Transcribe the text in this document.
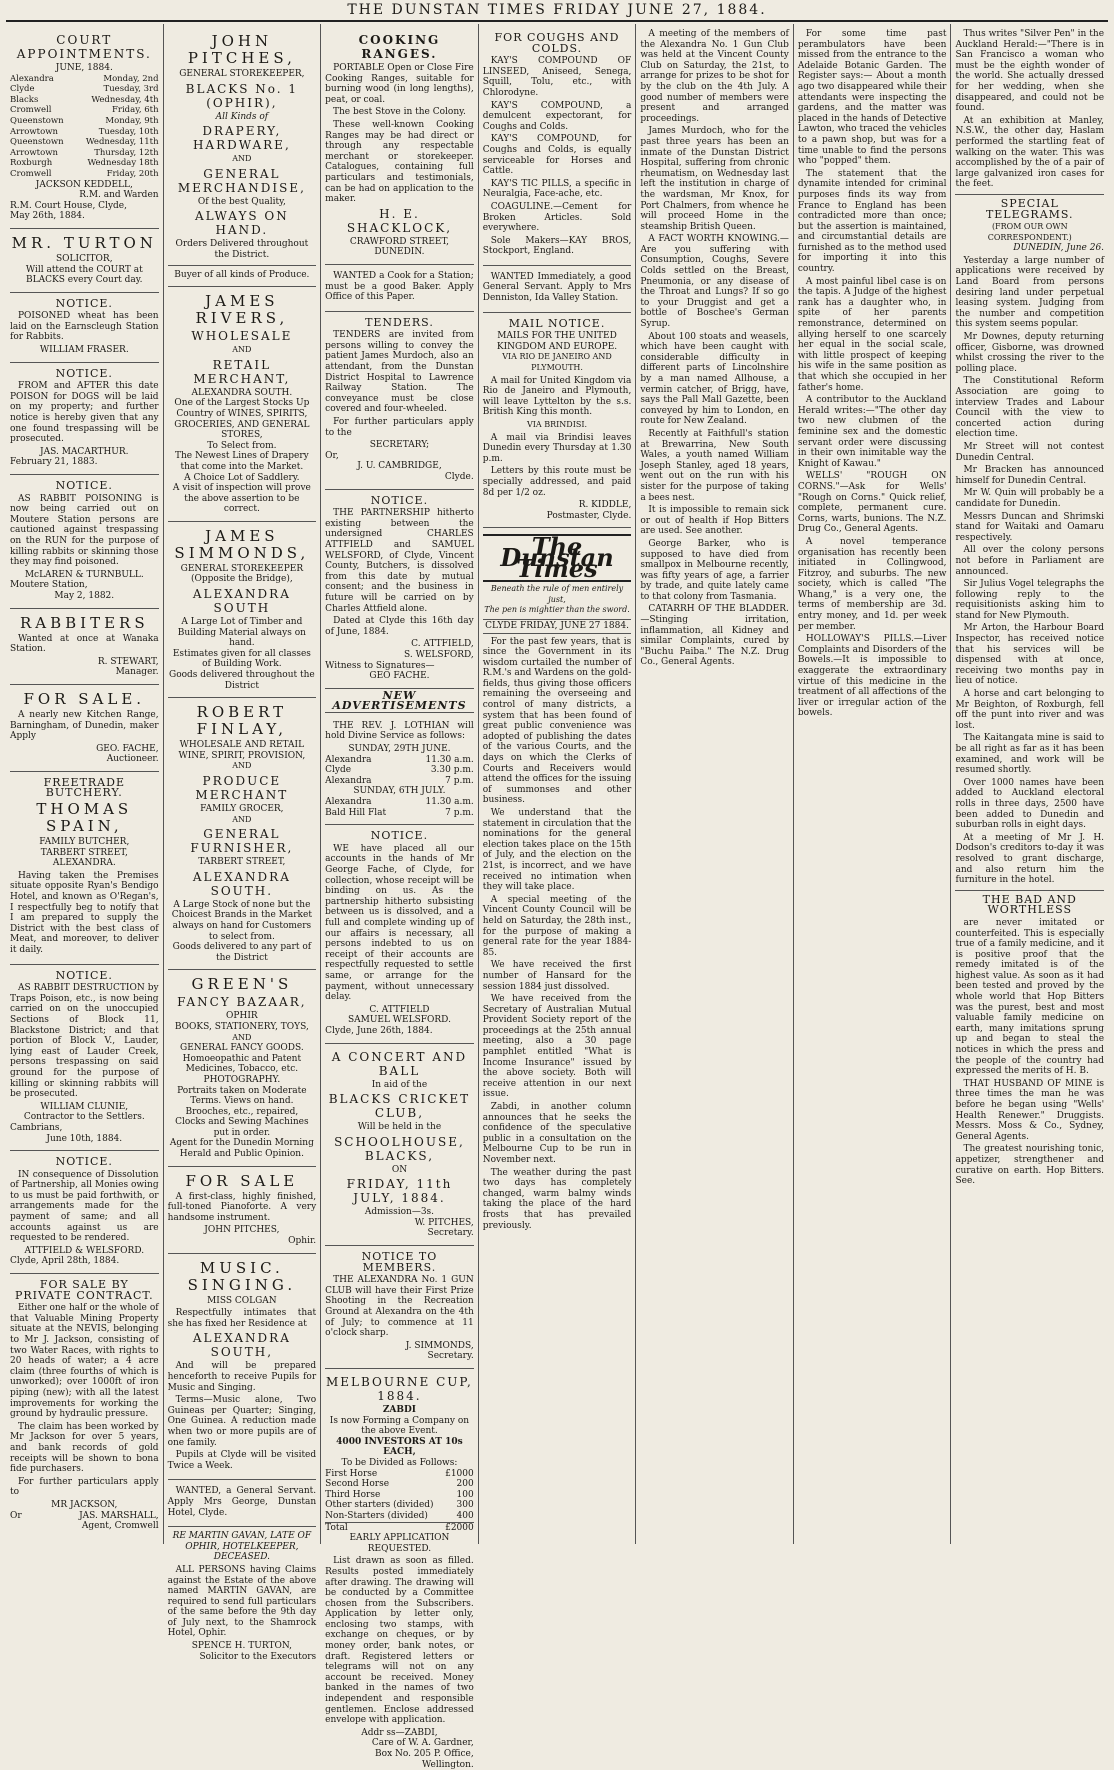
THE DUNSTAN TIMES FRIDAY JUNE 27, 1884.
COURT APPOINTMENTS.
JUNE, 1884.
Alexandra	Monday, 2nd
Clyde	Tuesday, 3rd
Blacks	Wednesday, 4th
Cromwell	Friday, 6th
Queenstown	Monday, 9th
Arrowtown	Tuesday, 10th
Queenstown	Wednesday, 11th
Arrowtown	Thursday, 12th
Roxburgh	Wednesday 18th
Cromwell	Friday, 20th
JACKSON KEDDELL,
R.M. and Warden
R.M. Court House, Clyde,
May 26th, 1884.
MR. TURTON
SOLICITOR,
Will attend the COURT at BLACKS every Court day.
NOTICE.
POISONED wheat has been laid on the Earnscleugh Station for Rabbits.
WILLIAM FRASER.
NOTICE.
FROM and AFTER this date POISON for DOGS will be laid on my property; and further notice is hereby given that any one found trespassing will be prosecuted.
JAS. MACARTHUR.
February 21, 1883.
NOTICE.
AS RABBIT POISONING is now being carried out on Moutere Station persons are cautioned against trespassing on the RUN for the purpose of killing rabbits or skinning those they may find poisoned.
McLAREN & TURNBULL.
Moutere Station,
May 2, 1882.
RABBITERS
Wanted at once at Wanaka Station.
R. STEWART,
Manager.
FOR SALE.
A nearly new Kitchen Range, Barningham, of Dunedin, maker Apply
GEO. FACHE,
Auctioneer.
FREETRADE BUTCHERY.
THOMAS SPAIN,
FAMILY BUTCHER,
TARBERT STREET, ALEXANDRA.
Having taken the Premises situate opposite Ryan's Bendigo Hotel, and known as O'Regan's, I respectfully beg to notify that I am prepared to supply the District with the best class of Meat, and moreover, to deliver it daily.
NOTICE.
AS RABBIT DESTRUCTION by Traps Poison, etc., is now being carried on on the unoccupied Sections of Block 11, Blackstone District; and that portion of Block V., Lauder, lying east of Lauder Creek, persons trespassing on said ground for the purpose of killing or skinning rabbits will be prosecuted.
WILLIAM CLUNIE,
Contractor to the Settlers.
Cambrians,
June 10th, 1884.
NOTICE.
IN consequence of Dissolution of Partnership, all Monies owing to us must be paid forthwith, or arrangements made for the payment of same; and all accounts against us are requested to be rendered.
ATTFIELD & WELSFORD.
Clyde, April 28th, 1884.
FOR SALE BY PRIVATE CONTRACT.
Either one half or the whole of that Valuable Mining Property situate at the NEVIS, belonging to Mr J. Jackson, consisting of two Water Races, with rights to 20 heads of water; a 4 acre claim (three fourths of which is unworked); over 1000ft of iron piping (new); with all the latest improvements for working the ground by hydraulic pressure.
The claim has been worked by Mr Jackson for over 5 years, and bank records of gold receipts will be shown to bona fide purchasers.
For further particulars apply to
MR JACKSON,
Or	JAS. MARSHALL,
Agent, Cromwell
JOHN PITCHES,
GENERAL STOREKEEPER,
BLACKS No. 1 (OPHIR),
All Kinds of
DRAPERY, HARDWARE,
AND
GENERAL MERCHANDISE,
Of the best Quality,
ALWAYS ON HAND.
Orders Delivered throughout the District.
Buyer of all kinds of Produce.
JAMES RIVERS,
WHOLESALE
AND
RETAIL MERCHANT,
ALEXANDRA SOUTH.
One of the Largest Stocks Up Country of WINES, SPIRITS, GROCERIES, AND GENERAL STORES,
To Select from.
The Newest Lines of Drapery that come into the Market.
A Choice Lot of Saddlery.
A visit of inspection will prove the above assertion to be correct.
JAMES SIMMONDS,
GENERAL STOREKEEPER
(Opposite the Bridge),
ALEXANDRA SOUTH
A Large Lot of Timber and Building Material always on hand.
Estimates given for all classes of Building Work.
Goods delivered throughout the District
ROBERT FINLAY,
WHOLESALE AND RETAIL WINE, SPIRIT, PROVISION,
AND
PRODUCE MERCHANT
FAMILY GROCER,
AND
GENERAL FURNISHER,
TARBERT STREET,
ALEXANDRA SOUTH.
A Large Stock of none but the Choicest Brands in the Market always on hand for Customers to select from.
Goods delivered to any part of the District
GREEN'S
FANCY BAZAAR,
OPHIR
BOOKS, STATIONERY, TOYS,
AND
GENERAL FANCY GOODS.
Homoeopathic and Patent Medicines, Tobacco, etc.
PHOTOGRAPHY.
Portraits taken on Moderate Terms. Views on hand.
Brooches, etc., repaired,
Clocks and Sewing Machines put in order.
Agent for the Dunedin Morning Herald and Public Opinion.
FOR SALE
A first-class, highly finished, full-toned Pianoforte. A very handsome instrument.
JOHN PITCHES,
Ophir.
MUSIC. SINGING.
MISS COLGAN
Respectfully intimates that she has fixed her Residence at
ALEXANDRA SOUTH,
And will be prepared henceforth to receive Pupils for Music and Singing.
Terms—Music alone, Two Guineas per Quarter; Singing, One Guinea. A reduction made when two or more pupils are of one family.
Pupils at Clyde will be visited Twice a Week.
WANTED, a General Servant. Apply Mrs George, Dunstan Hotel, Clyde.
RE MARTIN GAVAN, LATE OF OPHIR, HOTELKEEPER, DECEASED.
ALL PERSONS having Claims against the Estate of the above named MARTIN GAVAN, are required to send full particulars of the same before the 9th day of July next, to the Shamrock Hotel, Ophir.
SPENCE H. TURTON,
Solicitor to the Executors
COOKING RANGES.
PORTABLE Open or Close Fire Cooking Ranges, suitable for burning wood (in long lengths), peat, or coal.
The best Stove in the Colony.
These well-known Cooking Ranges may be had direct or through any respectable merchant or storekeeper. Catalogues, containing full particulars and testimonials, can be had on application to the maker.
H. E. SHACKLOCK,
CRAWFORD STREET,
DUNEDIN.
WANTED a Cook for a Station; must be a good Baker. Apply Office of this Paper.
TENDERS.
TENDERS are invited from persons willing to convey the patient James Murdoch, also an attendant, from the Dunstan District Hospital to Lawrence Railway Station. The conveyance must be close covered and four-wheeled.
For further particulars apply to the
SECRETARY;
Or,
J. U. CAMBRIDGE,
Clyde.
NOTICE.
THE PARTNERSHIP hitherto existing between the undersigned CHARLES ATTFIELD and SAMUEL WELSFORD, of Clyde, Vincent County, Butchers, is dissolved from this date by mutual consent; and the business in future will be carried on by Charles Attfield alone.
Dated at Clyde this 16th day of June, 1884.
C. ATTFIELD,
S. WELSFORD,
Witness to Signatures—
GEO FACHE.
NEW ADVERTISEMENTS
THE REV. J. LOTHIAN will hold Divine Service as follows:
SUNDAY, 29TH JUNE.
Alexandra	11.30 a.m.
Clyde	3.30 p.m.
Alexandra	7 p.m.
SUNDAY, 6TH JULY.
Alexandra	11.30 a.m.
Bald Hill Flat	7 p.m.
NOTICE.
WE have placed all our accounts in the hands of Mr George Fache, of Clyde, for collection, whose receipt will be binding on us. As the partnership hitherto subsisting between us is dissolved, and a full and complete winding up of our affairs is necessary, all persons indebted to us on receipt of their accounts are respectfully requested to settle same, or arrange for the payment, without unnecessary delay.
C. ATTFIELD
SAMUEL WELSFORD.
Clyde, June 26th, 1884.
A CONCERT AND BALL
In aid of the
BLACKS CRICKET CLUB,
Will be held in the
SCHOOLHOUSE, BLACKS,
ON
FRIDAY, 11th JULY, 1884.
Admission—3s.
W. PITCHES,
Secretary.
NOTICE TO MEMBERS.
THE ALEXANDRA No. 1 GUN CLUB will have their First Prize Shooting in the Recreation Ground at Alexandra on the 4th of July; to commence at 11 o'clock sharp.
J. SIMMONDS,
Secretary.
MELBOURNE CUP, 1884.
ZABDI
Is now Forming a Company on the above Event.
4000 INVESTORS AT 10s EACH,
To be Divided as Follows:
First Horse	£1000
Second Horse	200
Third Horse	100
Other starters (divided)	300
Non-Starters (divided)	400
Total	£2000
EARLY APPLICATION REQUESTED.
List drawn as soon as filled. Results posted immediately after drawing. The drawing will be conducted by a Committee chosen from the Subscribers. Application by letter only, enclosing two stamps, with exchange on cheques, or by money order, bank notes, or draft. Registered letters or telegrams will not on any account be received. Money banked in the names of two independent and responsible gentlemen. Enclose addressed envelope with application.
Addr ss—ZABDI,
Care of W. A. Gardner,
Box No. 205 P. Office,
Wellington.
FOR COUGHS AND COLDS.
KAY'S COMPOUND OF LINSEED, Aniseed, Senega, Squill, Tolu, etc., with Chlorodyne.
KAY'S COMPOUND, a demulcent expectorant, for Coughs and Colds.
KAY'S COMPOUND, for Coughs and Colds, is equally serviceable for Horses and Cattle.
KAY'S TIC PILLS, a specific in Neuralgia, Face-ache, etc.
COAGULINE.—Cement for Broken Articles. Sold everywhere.
Sole Makers—KAY BROS, Stockport, England.
WANTED Immediately, a good General Servant. Apply to Mrs Denniston, Ida Valley Station.
MAIL NOTICE.
MAILS FOR THE UNITED KINGDOM AND EUROPE.
VIA RIO DE JANEIRO AND PLYMOUTH.
A mail for United Kingdom via Rio de Janeiro and Plymouth, will leave Lyttelton by the s.s. British King this month.
VIA BRINDISI.
A mail via Brindisi leaves Dunedin every Thursday at 1.30 p.m.
Letters by this route must be specially addressed, and paid 8d per 1/2 oz.
R. KIDDLE,
Postmaster, Clyde.
The Dunstan Times
Beneath the rule of men entirely just,
The pen is mightier than the sword.
CLYDE FRIDAY, JUNE 27 1884.
For the past few years, that is since the Government in its wisdom curtailed the number of R.M.'s and Wardens on the gold-fields, thus giving those officers remaining the overseeing and control of many districts, a system that has been found of great public convenience was adopted of publishing the dates of the various Courts, and the days on which the Clerks of Courts and Receivers would attend the offices for the issuing of summonses and other business.
We understand that the statement in circulation that the nominations for the general election takes place on the 15th of July, and the election on the 21st, is incorrect, and we have received no intimation when they will take place.
A special meeting of the Vincent County Council will be held on Saturday, the 28th inst., for the purpose of making a general rate for the year 1884-85.
We have received the first number of Hansard for the session 1884 just dissolved.
We have received from the Secretary of Australian Mutual Provident Society report of the proceedings at the 25th annual meeting, also a 30 page pamphlet entitled "What is Income Insurance" issued by the above society. Both will receive attention in our next issue.
Zabdi, in another column announces that he seeks the confidence of the speculative public in a consultation on the Melbourne Cup to be run in November next.
The weather during the past two days has completely changed, warm balmy winds taking the place of the hard frosts that has prevailed previously.
A meeting of the members of the Alexandra No. 1 Gun Club was held at the Vincent County Club on Saturday, the 21st, to arrange for prizes to be shot for by the club on the 4th July. A good number of members were present and arranged proceedings.
James Murdoch, who for the past three years has been an inmate of the Dunstan District Hospital, suffering from chronic rheumatism, on Wednesday last left the institution in charge of the wardsman, Mr Knox, for Port Chalmers, from whence he will proceed Home in the steamship British Queen.
A FACT WORTH KNOWING.—Are you suffering with Consumption, Coughs, Severe Colds settled on the Breast, Pneumonia, or any disease of the Throat and Lungs? If so go to your Druggist and get a bottle of Boschee's German Syrup.
About 100 stoats and weasels, which have been caught with considerable difficulty in different parts of Lincolnshire by a man named Allhouse, a vermin catcher, of Brigg, have, says the Pall Mall Gazette, been conveyed by him to London, en route for New Zealand.
Recently at Faithfull's station at Brewarrina, New South Wales, a youth named William Joseph Stanley, aged 18 years, went out on the run with his sister for the purpose of taking a bees nest.
It is impossible to remain sick or out of health if Hop Bitters are used. See another.
George Barker, who is supposed to have died from smallpox in Melbourne recently, was fifty years of age, a farrier by trade, and quite lately came to that colony from Tasmania.
CATARRH OF THE BLADDER.—Stinging irritation, inflammation, all Kidney and similar Complaints, cured by "Buchu Paiba." The N.Z. Drug Co., General Agents.
For some time past perambulators have been missed from the entrance to the Adelaide Botanic Garden. The Register says:— About a month ago two disappeared while their attendants were inspecting the gardens, and the matter was placed in the hands of Detective Lawton, who traced the vehicles to a pawn shop, but was for a time unable to find the persons who "popped" them.
The statement that the dynamite intended for criminal purposes finds its way from France to England has been contradicted more than once; but the assertion is maintained, and circumstantial details are furnished as to the method used for importing it into this country.
A most painful libel case is on the tapis. A Judge of the highest rank has a daughter who, in spite of her parents remonstrance, determined on allying herself to one scarcely her equal in the social scale, with little prospect of keeping his wife in the same position as that which she occupied in her father's home.
A contributor to the Auckland Herald writes:—"The other day two new clubmen of the feminine sex and the domestic servant order were discussing in their own inimitable way the Knight of Kawau."
WELLS' "ROUGH ON CORNS."—Ask for Wells' "Rough on Corns." Quick relief, complete, permanent cure. Corns, warts, bunions. The N.Z. Drug Co., General Agents.
A novel temperance organisation has recently been initiated in Collingwood, Fitzroy, and suburbs. The new society, which is called "The Whang," is a very one, the terms of membership are 3d. entry money, and 1d. per week per member.
HOLLOWAY'S PILLS.—Liver Complaints and Disorders of the Bowels.—It is impossible to exaggerate the extraordinary virtue of this medicine in the treatment of all affections of the liver or irregular action of the bowels.
Thus writes "Silver Pen" in the Auckland Herald:—"There is in San Francisco a woman who must be the eighth wonder of the world. She actually dressed for her wedding, when she disappeared, and could not be found.
At an exhibition at Manley, N.S.W., the other day, Haslam performed the startling feat of walking on the water. This was accomplished by the of a pair of large galvanized iron cases for the feet.
SPECIAL TELEGRAMS.
(FROM OUR OWN CORRESPONDENT.)
DUNEDIN, June 26.
Yesterday a large number of applications were received by Land Board from persons desiring land under perpetual leasing system. Judging from the number and competition this system seems popular.
Mr Downes, deputy returning officer, Gisborne, was drowned whilst crossing the river to the polling place.
The Constitutional Reform Association are going to interview Trades and Labour Council with the view to concerted action during election time.
Mr Street will not contest Dunedin Central.
Mr Bracken has announced himself for Dunedin Central.
Mr W. Quin will probably be a candidate for Dunedin.
Messrs Duncan and Shrimski stand for Waitaki and Oamaru respectively.
All over the colony persons not before in Parliament are announced.
Sir Julius Vogel telegraphs the following reply to the requisitionists asking him to stand for New Plymouth.
Mr Arton, the Harbour Board Inspector, has received notice that his services will be dispensed with at once, receiving two months pay in lieu of notice.
A horse and cart belonging to Mr Beighton, of Roxburgh, fell off the punt into river and was lost.
The Kaitangata mine is said to be all right as far as it has been examined, and work will be resumed shortly.
Over 1000 names have been added to Auckland electoral rolls in three days, 2500 have been added to Dunedin and suburban rolls in eight days.
At a meeting of Mr J. H. Dodson's creditors to-day it was resolved to grant discharge, and also return him the furniture in the hotel.
THE BAD AND WORTHLESS
are never imitated or counterfeited. This is especially true of a family medicine, and it is positive proof that the remedy imitated is of the highest value. As soon as it had been tested and proved by the whole world that Hop Bitters was the purest, best and most valuable family medicine on earth, many imitations sprung up and began to steal the notices in which the press and the people of the country had expressed the merits of H. B.
THAT HUSBAND OF MINE is three times the man he was before he began using "Wells' Health Renewer." Druggists. Messrs. Moss & Co., Sydney, General Agents.
The greatest nourishing tonic, appetizer, strengthener and curative on earth. Hop Bitters. See.
